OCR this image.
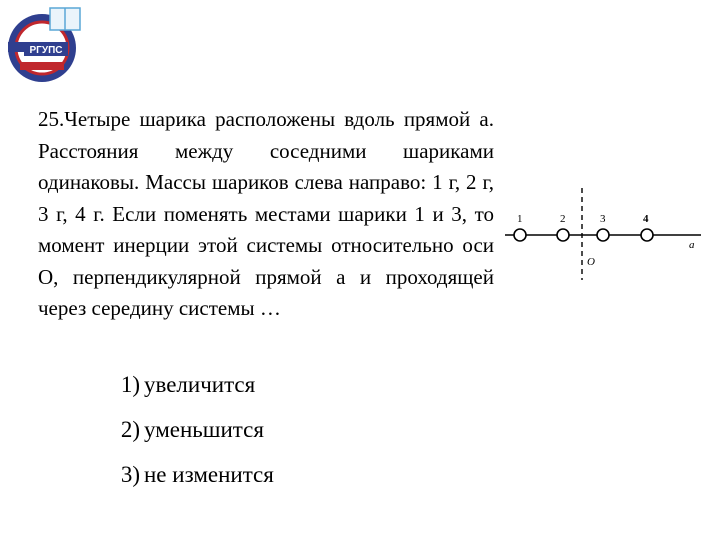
РГУПС

25.Четыре шарика расположены вдоль прямой а. Расстояния между соседними шариками одинаковы. Массы шариков слева направо: 1 г, 2 г, 3 г, 4 г. Если поменять местами шарики 1 и 3, то момент инерции этой системы относительно оси О, перпендикулярной прямой а и проходящей через середину системы …

1	2	3	4
O
a
1) увеличится
2) уменьшится
3) не изменится
